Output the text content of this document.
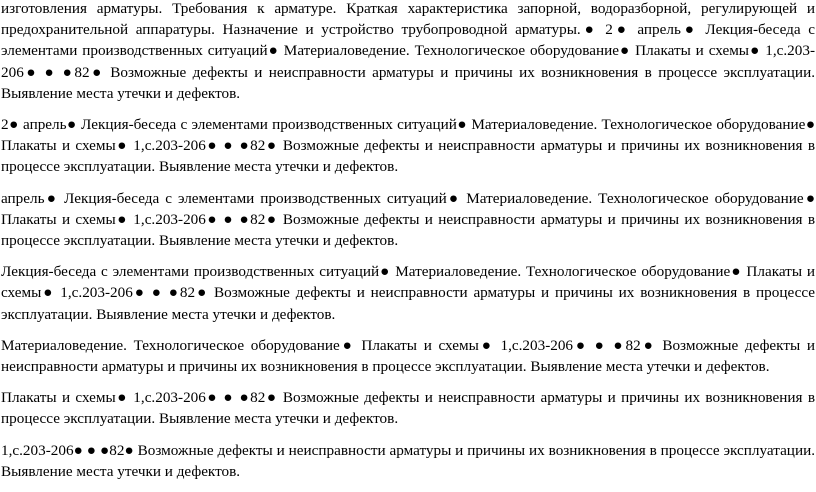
изготовления арматуры. Требования к арматуре. Краткая характеристика запорной, водоразборной, регулирующей и предохранительной аппаратуры. Назначение и устройство трубопроводной арматуры.● 2● апрель● Лекция-беседа с элементами производственных ситуаций● Материаловедение. Технологическое оборудование● Плакаты и схемы● 1,с.203-206● ● ●82● Возможные дефекты и неисправности арматуры и причины их возникновения в процессе эксплуатации. Выявление места утечки и дефектов.

2● апрель● Лекция-беседа с элементами производственных ситуаций● Материаловедение. Технологическое оборудование● Плакаты и схемы● 1,с.203-206● ● ●82● Возможные дефекты и неисправности арматуры и причины их возникновения в процессе эксплуатации. Выявление места утечки и дефектов.

апрель● Лекция-беседа с элементами производственных ситуаций● Материаловедение. Технологическое оборудование● Плакаты и схемы● 1,с.203-206● ● ●82● Возможные дефекты и неисправности арматуры и причины их возникновения в процессе эксплуатации. Выявление места утечки и дефектов.

Лекция-беседа с элементами производственных ситуаций● Материаловедение. Технологическое оборудование● Плакаты и схемы● 1,с.203-206● ● ●82● Возможные дефекты и неисправности арматуры и причины их возникновения в процессе эксплуатации. Выявление места утечки и дефектов.

Материаловедение. Технологическое оборудование● Плакаты и схемы● 1,с.203-206● ● ●82● Возможные дефекты и неисправности арматуры и причины их возникновения в процессе эксплуатации. Выявление места утечки и дефектов.

Плакаты и схемы● 1,с.203-206● ● ●82● Возможные дефекты и неисправности арматуры и причины их возникновения в процессе эксплуатации. Выявление места утечки и дефектов.

1,с.203-206● ● ●82● Возможные дефекты и неисправности арматуры и причины их возникновения в процессе эксплуатации. Выявление места утечки и дефектов.
